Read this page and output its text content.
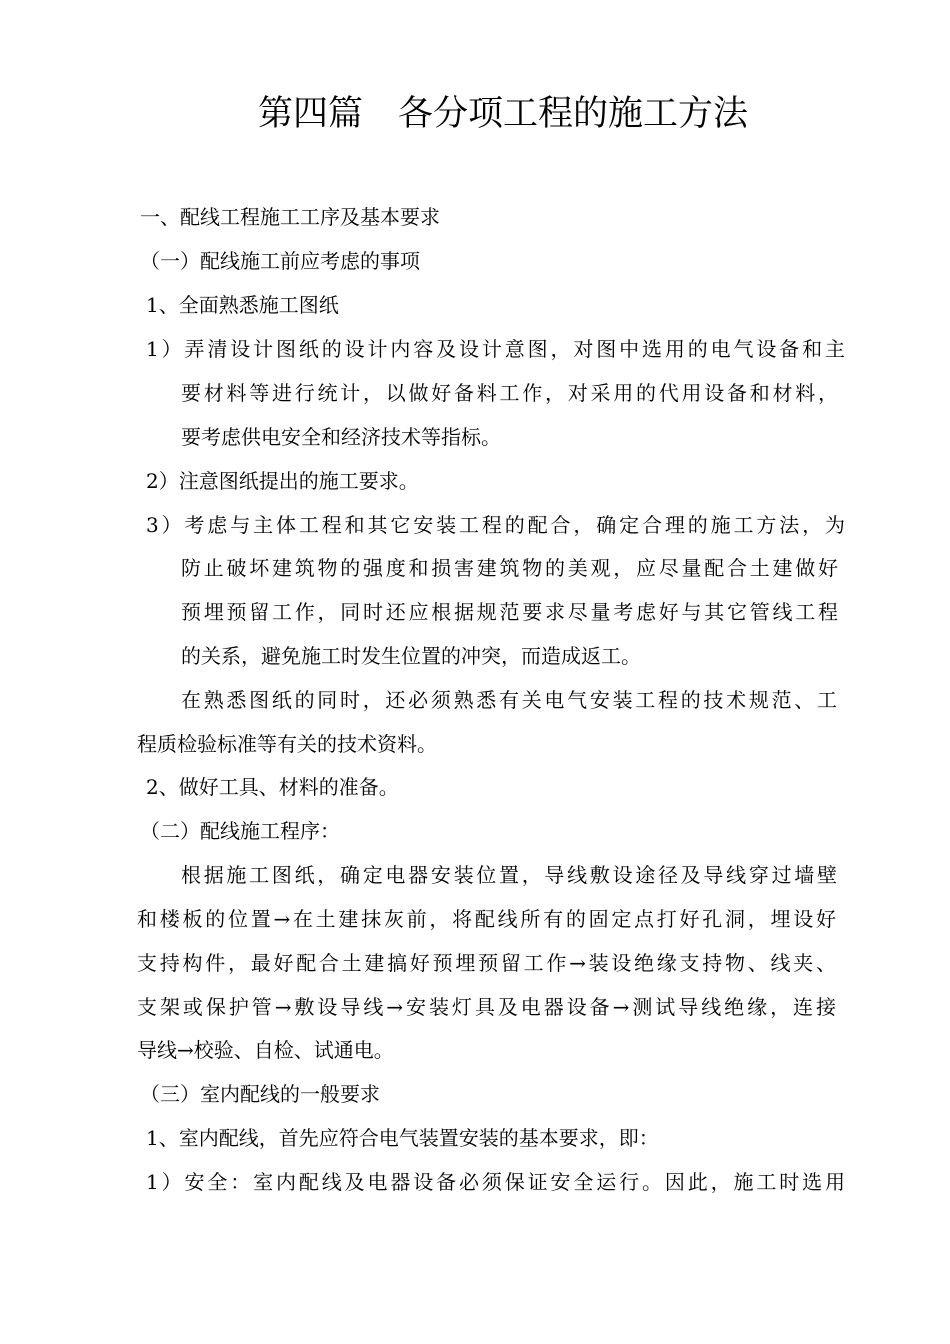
第四篇　各分项工程的施工方法
一、配线工程施工工序及基本要求
（一）配线施工前应考虑的事项
1、全面熟悉施工图纸
1）弄清设计图纸的设计内容及设计意图，对图中选用的电气设备和主
要材料等进行统计，以做好备料工作，对采用的代用设备和材料，
要考虑供电安全和经济技术等指标。
2）注意图纸提出的施工要求。
3）考虑与主体工程和其它安装工程的配合，确定合理的施工方法，为
防止破坏建筑物的强度和损害建筑物的美观，应尽量配合土建做好
预埋预留工作，同时还应根据规范要求尽量考虑好与其它管线工程
的关系，避免施工时发生位置的冲突，而造成返工。
在熟悉图纸的同时，还必须熟悉有关电气安装工程的技术规范、工
程质检验标准等有关的技术资料。
2、做好工具、材料的准备。
（二）配线施工程序：
根据施工图纸，确定电器安装位置，导线敷设途径及导线穿过墙壁
和楼板的位置→在土建抹灰前，将配线所有的固定点打好孔洞，埋设好
支持构件，最好配合土建搞好预埋预留工作→装设绝缘支持物、线夹、
支架或保护管→敷设导线→安装灯具及电器设备→测试导线绝缘，连接
导线→校验、自检、试通电。
（三）室内配线的一般要求
1、室内配线，首先应符合电气装置安装的基本要求，即：
1）安全：室内配线及电器设备必须保证安全运行。因此，施工时选用
